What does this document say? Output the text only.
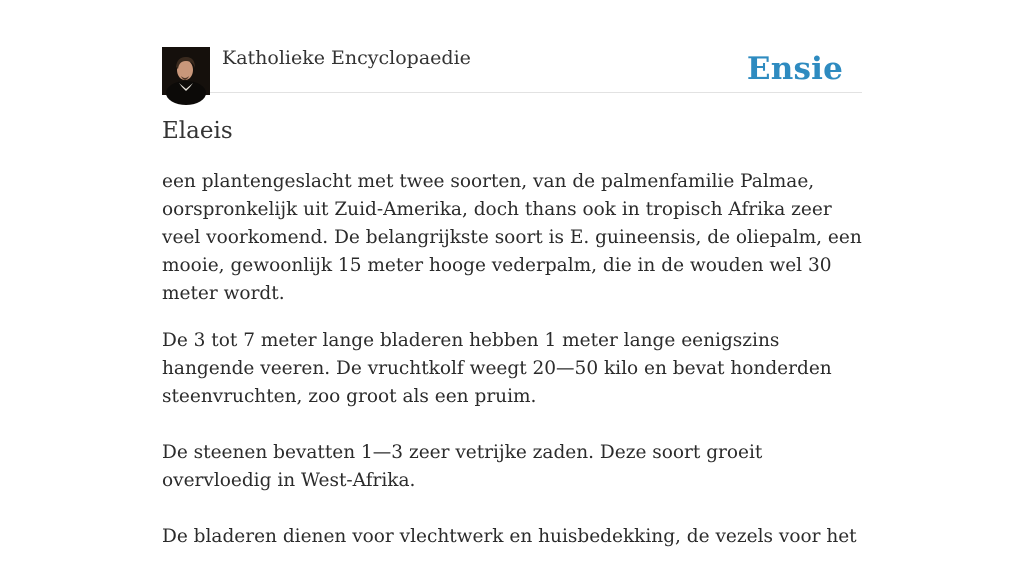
Katholieke Encyclopaedie	Ensie
Elaeis

een plantengeslacht met twee soorten, van de palmenfamilie Palmae, oorspronkelijk uit Zuid-Amerika, doch thans ook in tropisch Afrika zeer veel voorkomend. De belangrijkste soort is E. guineensis, de oliepalm, een mooie, gewoonlijk 15 meter hooge vederpalm, die in de wouden wel 30 meter wordt.

De 3 tot 7 meter lange bladeren hebben 1 meter lange eenigszins hangende veeren. De vruchtkolf weegt 20—50 kilo en bevat honderden steenvruchten, zoo groot als een pruim.

De steenen bevatten 1—3 zeer vetrijke zaden. Deze soort groeit overvloedig in West-Afrika.

De bladeren dienen voor vlechtwerk en huisbedekking, de vezels voor het
